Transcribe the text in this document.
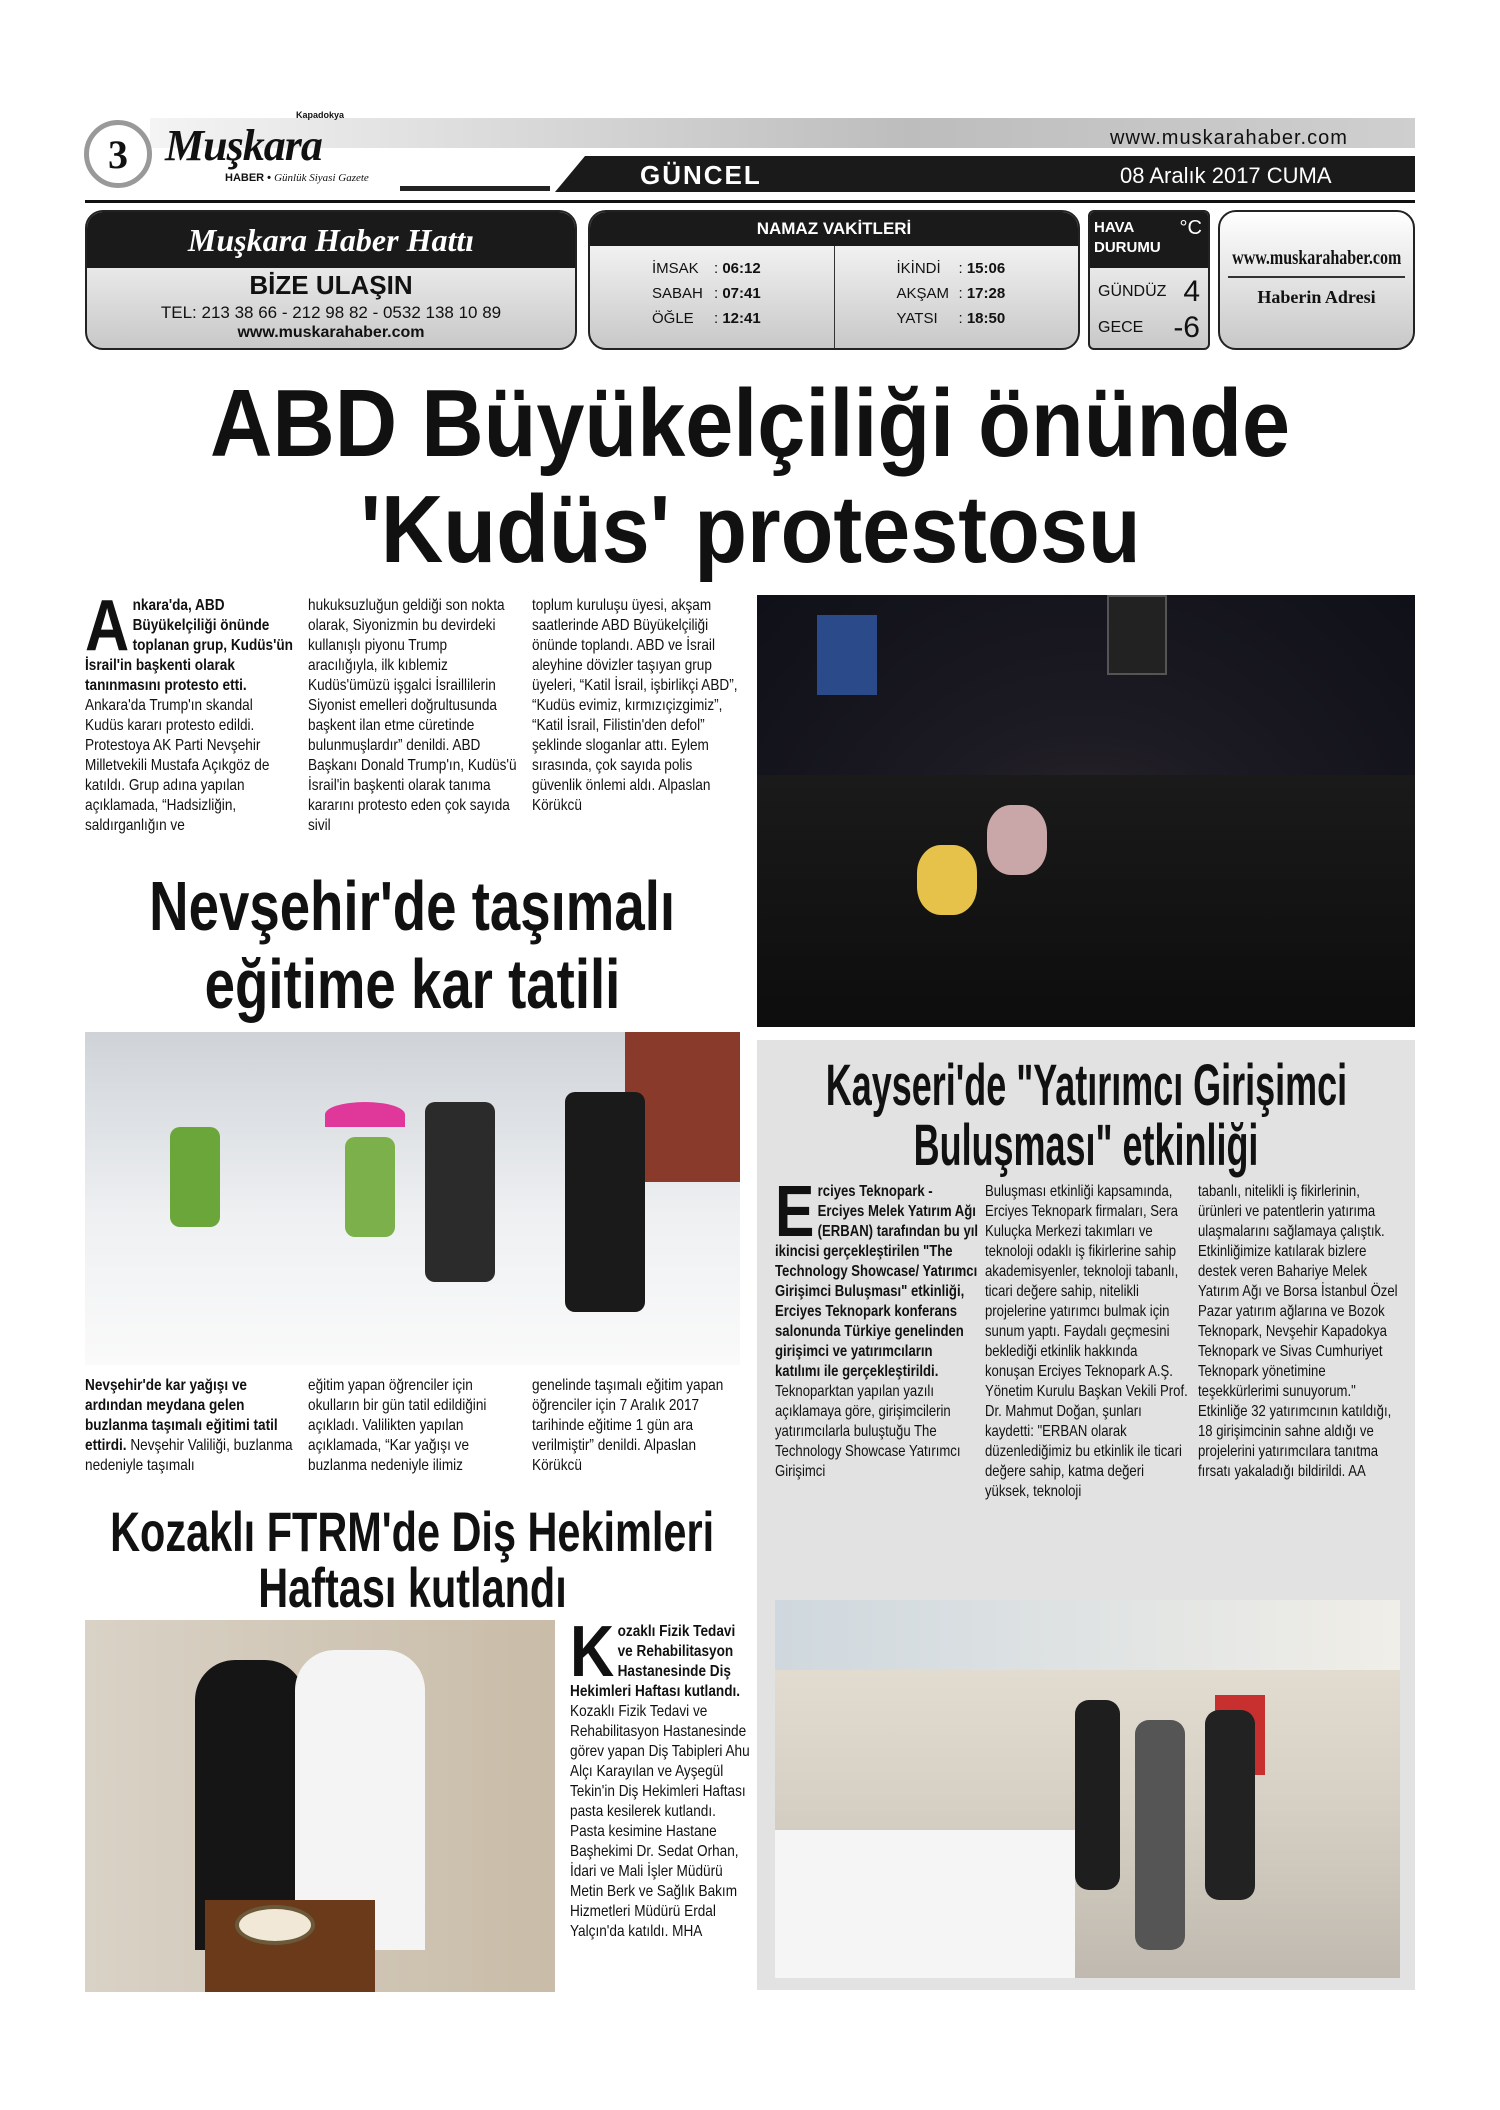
3
Kapadokya
Muşkara
HABER • Günlük Siyasi Gazete
www.muskarahaber.com
GÜNCEL	08 Aralık 2017 CUMA
Muşkara Haber Hattı
BİZE ULAŞIN
TEL: 213 38 66 - 212 98 82 - 0532 138 10 89
www.muskarahaber.com
NAMAZ VAKİTLERİ
İMSAK : 06:12
SABAH : 07:41
ÖĞLE : 12:41
İKİNDİ : 15:06
AKŞAM : 17:28
YATSI : 18:50
HAVA DURUMU
°C
GÜNDÜZ 4
GECE -6
www.muskarahaber.com
Haberin Adresi
ABD Büyükelçiliği önünde
'Kudüs' protestosu
Ankara'da, ABD Büyükelçiliği önünde toplanan grup, Kudüs'ün İsrail'in başkenti olarak tanınmasını protesto etti. Ankara'da Trump'ın skandal Kudüs kararı protesto edildi. Protestoya AK Parti Nevşehir Milletvekili Mustafa Açıkgöz de katıldı. Grup adına yapılan açıklamada, “Hadsizliğin, saldırganlığın ve
hukuksuzluğun geldiği son nokta olarak, Siyonizmin bu devirdeki kullanışlı piyonu Trump aracılığıyla, ilk kıblemiz Kudüs'ümüzü işgalci İsraillilerin Siyonist emelleri doğrultusunda başkent ilan etme cüretinde bulunmuşlardır” denildi. ABD Başkanı Donald Trump'ın, Kudüs'ü İsrail'in başkenti olarak tanıma kararını protesto eden çok sayıda sivil
toplum kuruluşu üyesi, akşam saatlerinde ABD Büyükelçiliği önünde toplandı. ABD ve İsrail aleyhine dövizler taşıyan grup üyeleri, “Katil İsrail, işbirlikçi ABD”, “Kudüs evimiz, kırmızıçizgimiz”, “Katil İsrail, Filistin'den defol” şeklinde sloganlar attı. Eylem sırasında, çok sayıda polis güvenlik önlemi aldı. Alpaslan Körükcü
Nevşehir'de taşımalı
eğitime kar tatili
Nevşehir'de kar yağışı ve ardından meydana gelen buzlanma taşımalı eğitimi tatil ettirdi. Nevşehir Valiliği, buzlanma nedeniyle taşımalı
eğitim yapan öğrenciler için okulların bir gün tatil edildiğini açıkladı. Valilikten yapılan açıklamada, “Kar yağışı ve buzlanma nedeniyle ilimiz
genelinde taşımalı eğitim yapan öğrenciler için 7 Aralık 2017 tarihinde eğitime 1 gün ara verilmiştir” denildi. Alpaslan Körükcü
Kozaklı FTRM'de Diş Hekimleri
Haftası kutlandı
Kozaklı Fizik Tedavi ve Rehabilitasyon Hastanesinde Diş Hekimleri Haftası kutlandı. Kozaklı Fizik Tedavi ve Rehabilitasyon Hastanesinde görev yapan Diş Tabipleri Ahu Alçı Karayılan ve Ayşegül Tekin'in Diş Hekimleri Haftası pasta kesilerek kutlandı. Pasta kesimine Hastane Başhekimi Dr. Sedat Orhan, İdari ve Mali İşler Müdürü Metin Berk ve Sağlık Bakım Hizmetleri Müdürü Erdal Yalçın'da katıldı. MHA
Kayseri'de "Yatırımcı Girişimci
Buluşması" etkinliği
Erciyes Teknopark - Erciyes Melek Yatırım Ağı (ERBAN) tarafından bu yıl ikincisi gerçekleştirilen "The Technology Showcase/ Yatırımcı Girişimci Buluşması" etkinliği, Erciyes Teknopark konferans salonunda Türkiye genelinden girişimci ve yatırımcıların katılımı ile gerçekleştirildi. Teknoparktan yapılan yazılı açıklamaya göre, girişimcilerin yatırımcılarla buluştuğu The Technology Showcase Yatırımcı Girişimci
Buluşması etkinliği kapsamında, Erciyes Teknopark firmaları, Sera Kuluçka Merkezi takımları ve teknoloji odaklı iş fikirlerine sahip akademisyenler, teknoloji tabanlı, ticari değere sahip, nitelikli projelerine yatırımcı bulmak için sunum yaptı. Faydalı geçmesini beklediği etkinlik hakkında konuşan Erciyes Teknopark A.Ş. Yönetim Kurulu Başkan Vekili Prof. Dr. Mahmut Doğan, şunları kaydetti: "ERBAN olarak düzenlediğimiz bu etkinlik ile ticari değere sahip, katma değeri yüksek, teknoloji
tabanlı, nitelikli iş fikirlerinin, ürünleri ve patentlerin yatırıma ulaşmalarını sağlamaya çalıştık. Etkinliğimize katılarak bizlere destek veren Bahariye Melek Yatırım Ağı ve Borsa İstanbul Özel Pazar yatırım ağlarına ve Bozok Teknopark, Nevşehir Kapadokya Teknopark ve Sivas Cumhuriyet Teknopark yönetimine teşekkürlerimi sunuyorum." Etkinliğe 32 yatırımcının katıldığı, 18 girişimcinin sahne aldığı ve projelerini yatırımcılara tanıtma fırsatı yakaladığı bildirildi. AA
